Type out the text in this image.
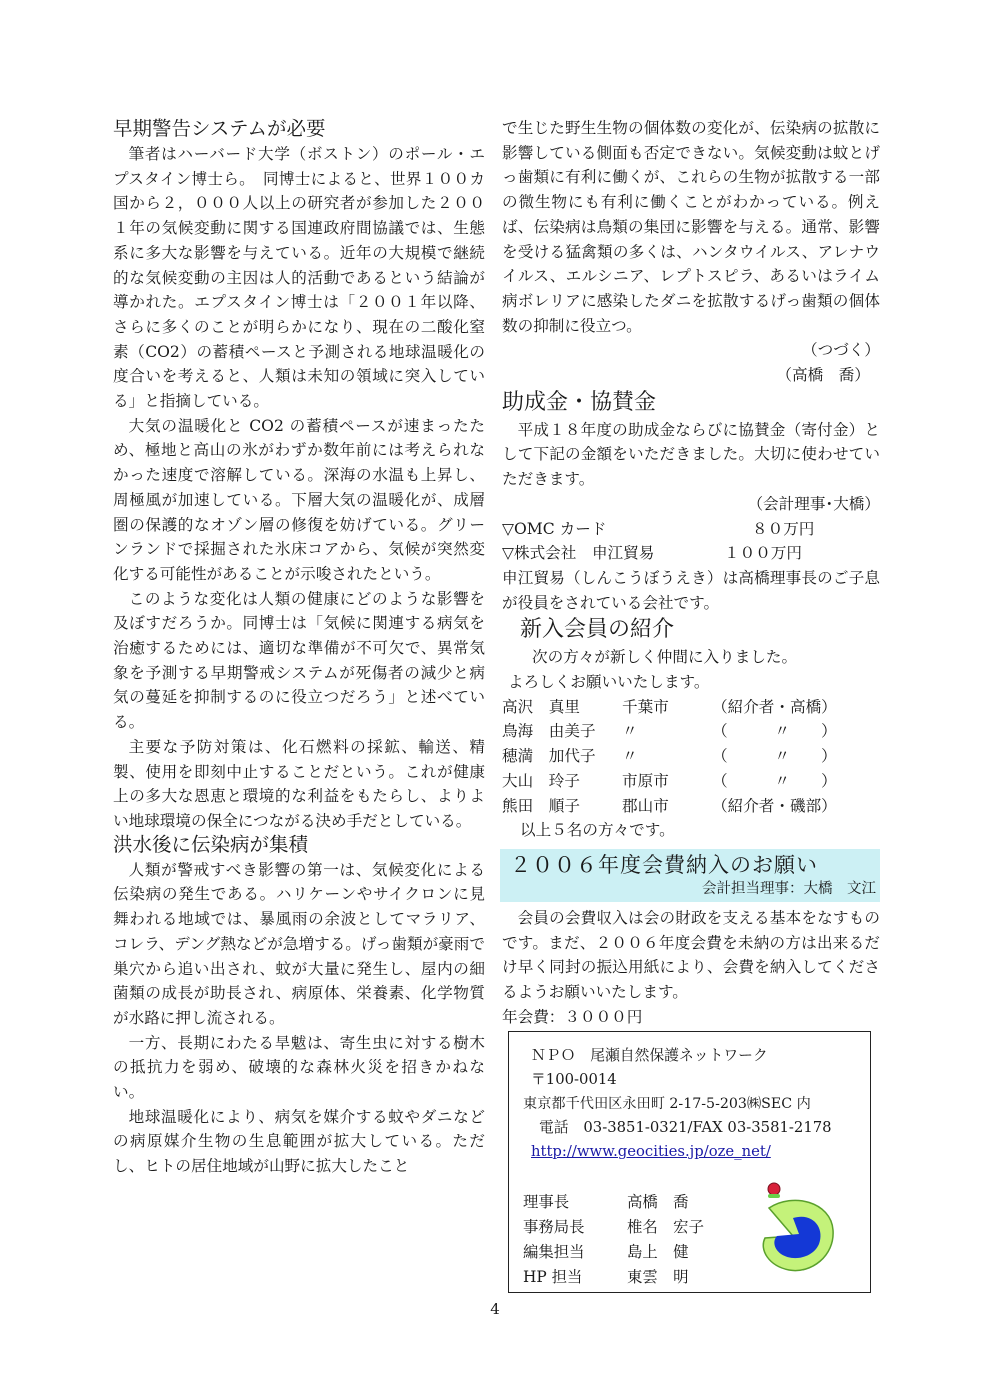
早期警告システムが必要

筆者はハーバード大学（ボストン）のポール・エプスタイン博士ら。　同博士によると、世界１００カ国から２，０００人以上の研究者が参加した２００１年の気候変動に関する国連政府間協議では、生態系に多大な影響を与えている。近年の大規模で継続的な気候変動の主因は人的活動であるという結論が導かれた。エプスタイン博士は「２００１年以降、さらに多くのことが明らかになり、現在の二酸化窒素（CO2）の蓄積ペースと予測される地球温暖化の度合いを考えると、人類は未知の領域に突入している」と指摘している。

大気の温暖化と CO2 の蓄積ペースが速まったため、極地と高山の氷がわずか数年前には考えられなかった速度で溶解している。深海の水温も上昇し、周極風が加速している。下層大気の温暖化が、成層圏の保護的なオゾン層の修復を妨げている。グリーンランドで採掘された氷床コアから、気候が突然変化する可能性があることが示唆されたという。

このような変化は人類の健康にどのような影響を及ぼすだろうか。同博士は「気候に関連する病気を治癒するためには、適切な準備が不可欠で、異常気象を予測する早期警戒システムが死傷者の減少と病気の蔓延を抑制するのに役立つだろう」と述べている。

主要な予防対策は、化石燃料の採鉱、輸送、精製、使用を即刻中止することだという。これが健康上の多大な恩恵と環境的な利益をもたらし、よりよい地球環境の保全につながる決め手だとしている。

洪水後に伝染病が集積

人類が警戒すべき影響の第一は、気候変化による伝染病の発生である。ハリケーンやサイクロンに見舞われる地域では、暴風雨の余波としてマラリア、コレラ、デング熱などが急増する。げっ歯類が豪雨で巣穴から追い出され、蚊が大量に発生し、屋内の細菌類の成長が助長され、病原体、栄養素、化学物質が水路に押し流される。

一方、長期にわたる旱魃は、寄生虫に対する樹木の抵抗力を弱め、破壊的な森林火災を招きかねない。

地球温暖化により、病気を媒介する蚊やダニなどの病原媒介生物の生息範囲が拡大している。ただし、ヒトの居住地域が山野に拡大したこと

で生じた野生生物の個体数の変化が、伝染病の拡散に影響している側面も否定できない。気候変動は蚊とげっ歯類に有利に働くが、これらの生物が拡散する一部の微生物にも有利に働くことがわかっている。例えば、伝染病は鳥類の集団に影響を与える。通常、影響を受ける猛禽類の多くは、ハンタウイルス、アレナウイルス、エルシニア、レプトスピラ、あるいはライム病ボレリアに感染したダニを拡散するげっ歯類の個体数の抑制に役立つ。

（つづく）
（高橋　喬）
助成金・協賛金

平成１８年度の助成金ならびに協賛金（寄付金）として下記の金額をいただきました。大切に使わせていただきます。

（会計理事･大橋）
▽OMC カード	８０万円
▽株式会社　申江貿易	１００万円

申江貿易（しんこうぼうえき）は高橋理事長のご子息が役員をされている会社です。

新入会員の紹介
次の方々が新しく仲間に入りました。
よろしくお願いいたします。
高沢　真里	千葉市	（紹介者・高橋）
鳥海　由美子	〃	（　　　〃　　）
穂満　加代子	〃	（　　　〃　　）
大山　玲子	市原市	（　　　〃　　）
熊田　順子	郡山市	（紹介者・磯部）
以上５名の方々です。
２００６年度会費納入のお願い
会計担当理事：大橋　文江

会員の会費収入は会の財政を支える基本をなすものです。まだ、２００６年度会費を未納の方は出来るだけ早く同封の振込用紙により、会費を納入してくださるようお願いいたします。

年会費：３０００円
ＮＰＯ　尾瀬自然保護ネットワーク
〒100-0014
東京都千代田区永田町 2-17-5-203㈱SEC 内
電話　03-3851-0321/FAX 03-3581-2178
http://www.geocities.jp/oze_net/
理事長	高橋　喬
事務局長	椎名　宏子
編集担当	島上　健
HP 担当	東雲　明
4
